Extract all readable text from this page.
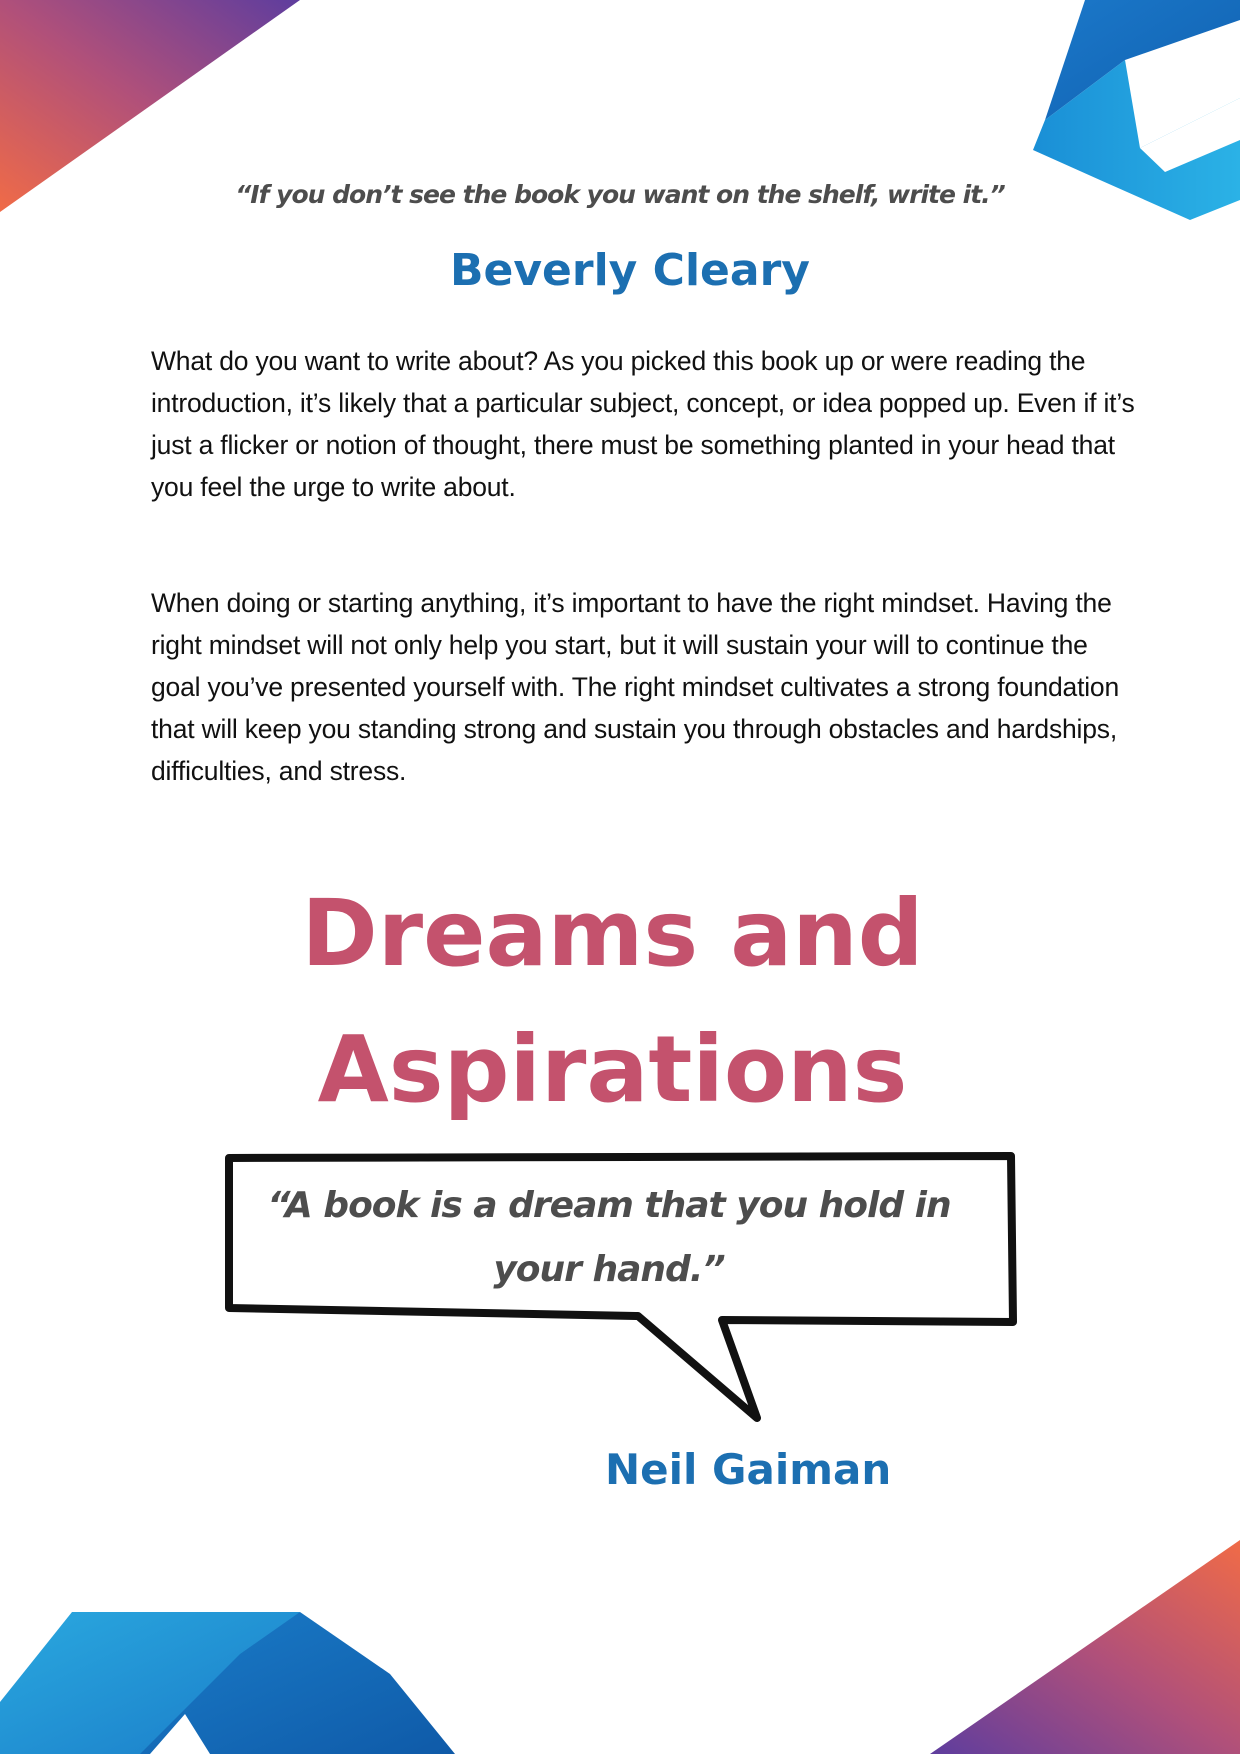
“If you don’t see the book you want on the shelf, write it.”
Beverly Cleary

What do you want to write about? As you picked this book up or were reading the introduction, it’s likely that a particular subject, concept, or idea popped up. Even if it’s just a flicker or notion of thought, there must be something planted in your head that you feel the urge to write about.

When doing or starting anything, it’s important to have the right mindset. Having the right mindset will not only help you start, but it will sustain your will to continue the goal you’ve presented yourself with. The right mindset cultivates a strong foundation that will keep you standing strong and sustain you through obstacles and hardships, difficulties, and stress.

Dreams and
Aspirations
“A book is a dream that you hold in your hand.”
Neil Gaiman
